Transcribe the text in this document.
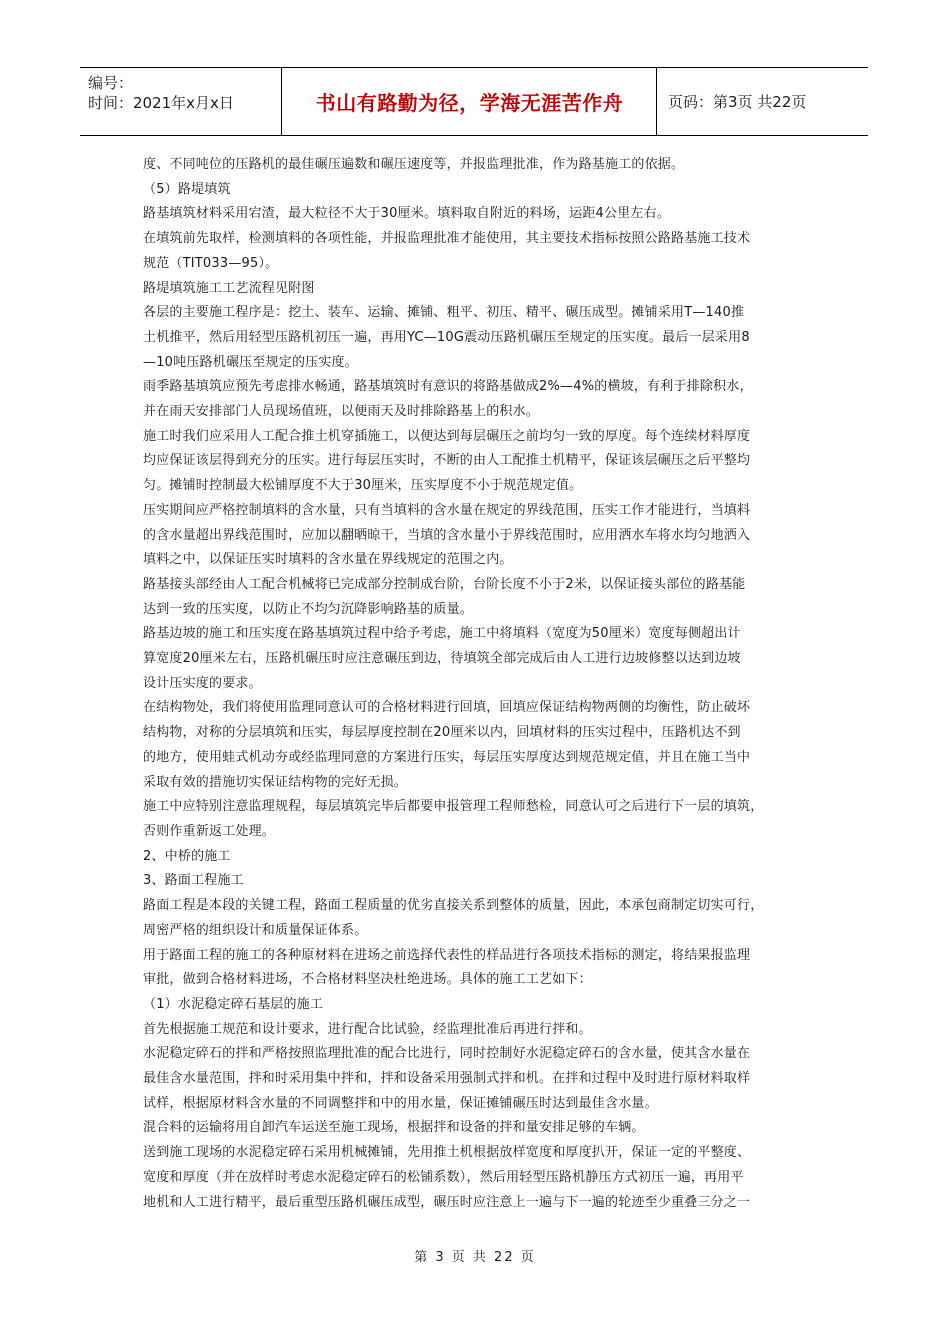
编号：
时间：2021年x月x日	书山有路勤为径，学海无涯苦作舟	页码：第3页 共22页

度、不同吨位的压路机的最佳碾压遍数和碾压速度等，并报监理批准，作为路基施工的依据。

（5）路堤填筑

路基填筑材料采用宕渣，最大粒径不大于30厘米。填料取自附近的料场，运距4公里左右。

在填筑前先取样，检测填料的各项性能，并报监理批准才能使用，其主要技术指标按照公路路基施工技术

规范（TIT033—95）。

路堤填筑施工工艺流程见附图

各层的主要施工程序是：挖土、装车、运输、摊铺、粗平、初压、精平、碾压成型。摊铺采用T—140推

土机推平，然后用轻型压路机初压一遍，再用YC—10G震动压路机碾压至规定的压实度。最后一层采用8

—10吨压路机碾压至规定的压实度。

雨季路基填筑应预先考虑排水畅通，路基填筑时有意识的将路基做成2%—4%的横坡，有利于排除积水，

并在雨天安排部门人员现场值班，以便雨天及时排除路基上的积水。

施工时我们应采用人工配合推土机穿插施工，以便达到每层碾压之前均匀一致的厚度。每个连续材料厚度

均应保证该层得到充分的压实。进行每层压实时，不断的由人工配推土机精平，保证该层碾压之后平整均

匀。摊铺时控制最大松铺厚度不大于30厘米，压实厚度不小于规范规定值。

压实期间应严格控制填料的含水量，只有当填料的含水量在规定的界线范围，压实工作才能进行，当填料

的含水量超出界线范围时，应加以翻晒晾干，当填的含水量小于界线范围时，应用洒水车将水均匀地洒入

填料之中，以保证压实时填料的含水量在界线规定的范围之内。

路基接头部经由人工配合机械将已完成部分控制成台阶，台阶长度不小于2米，以保证接头部位的路基能

达到一致的压实度，以防止不均匀沉降影响路基的质量。

路基边坡的施工和压实度在路基填筑过程中给予考虑，施工中将填料（宽度为50厘米）宽度每侧超出计

算宽度20厘米左右，压路机碾压时应注意碾压到边，待填筑全部完成后由人工进行边坡修整以达到边坡

设计压实度的要求。

在结构物处，我们将使用监理同意认可的合格材料进行回填，回填应保证结构物两侧的均衡性，防止破坏

结构物，对称的分层填筑和压实，每层厚度控制在20厘米以内，回填材料的压实过程中，压路机达不到

的地方，使用蛙式机动夯或经监理同意的方案进行压实，每层压实厚度达到规范规定值，并且在施工当中

采取有效的措施切实保证结构物的完好无损。

施工中应特别注意监理规程，每层填筑完毕后都要申报管理工程师愁检，同意认可之后进行下一层的填筑，

否则作重新返工处理。

2、中桥的施工

3、路面工程施工

路面工程是本段的关键工程，路面工程质量的优劣直接关系到整体的质量，因此，本承包商制定切实可行，

周密严格的组织设计和质量保证体系。

用于路面工程的施工的各种原材料在进场之前选择代表性的样品进行各项技术指标的测定，将结果报监理

审批，做到合格材料进场，不合格材料坚决杜绝进场。具体的施工工艺如下：

（1）水泥稳定碎石基层的施工

首先根据施工规范和设计要求，进行配合比试验，经监理批准后再进行拌和。

水泥稳定碎石的拌和严格按照监理批准的配合比进行，同时控制好水泥稳定碎石的含水量，使其含水量在

最佳含水量范围，拌和时采用集中拌和，拌和设备采用强制式拌和机。在拌和过程中及时进行原材料取样

试样，根据原材料含水量的不同调整拌和中的用水量，保证摊铺碾压时达到最佳含水量。

混合料的运输将用自卸汽车运送至施工现场，根据拌和设备的拌和量安排足够的车辆。

送到施工现场的水泥稳定碎石采用机械摊铺，先用推土机根据放样宽度和厚度扒开，保证一定的平整度、

宽度和厚度（并在放样时考虑水泥稳定碎石的松铺系数），然后用轻型压路机静压方式初压一遍，再用平

地机和人工进行精平，最后重型压路机碾压成型，碾压时应注意上一遍与下一遍的轮迹至少重叠三分之一

第 3 页 共 22 页
